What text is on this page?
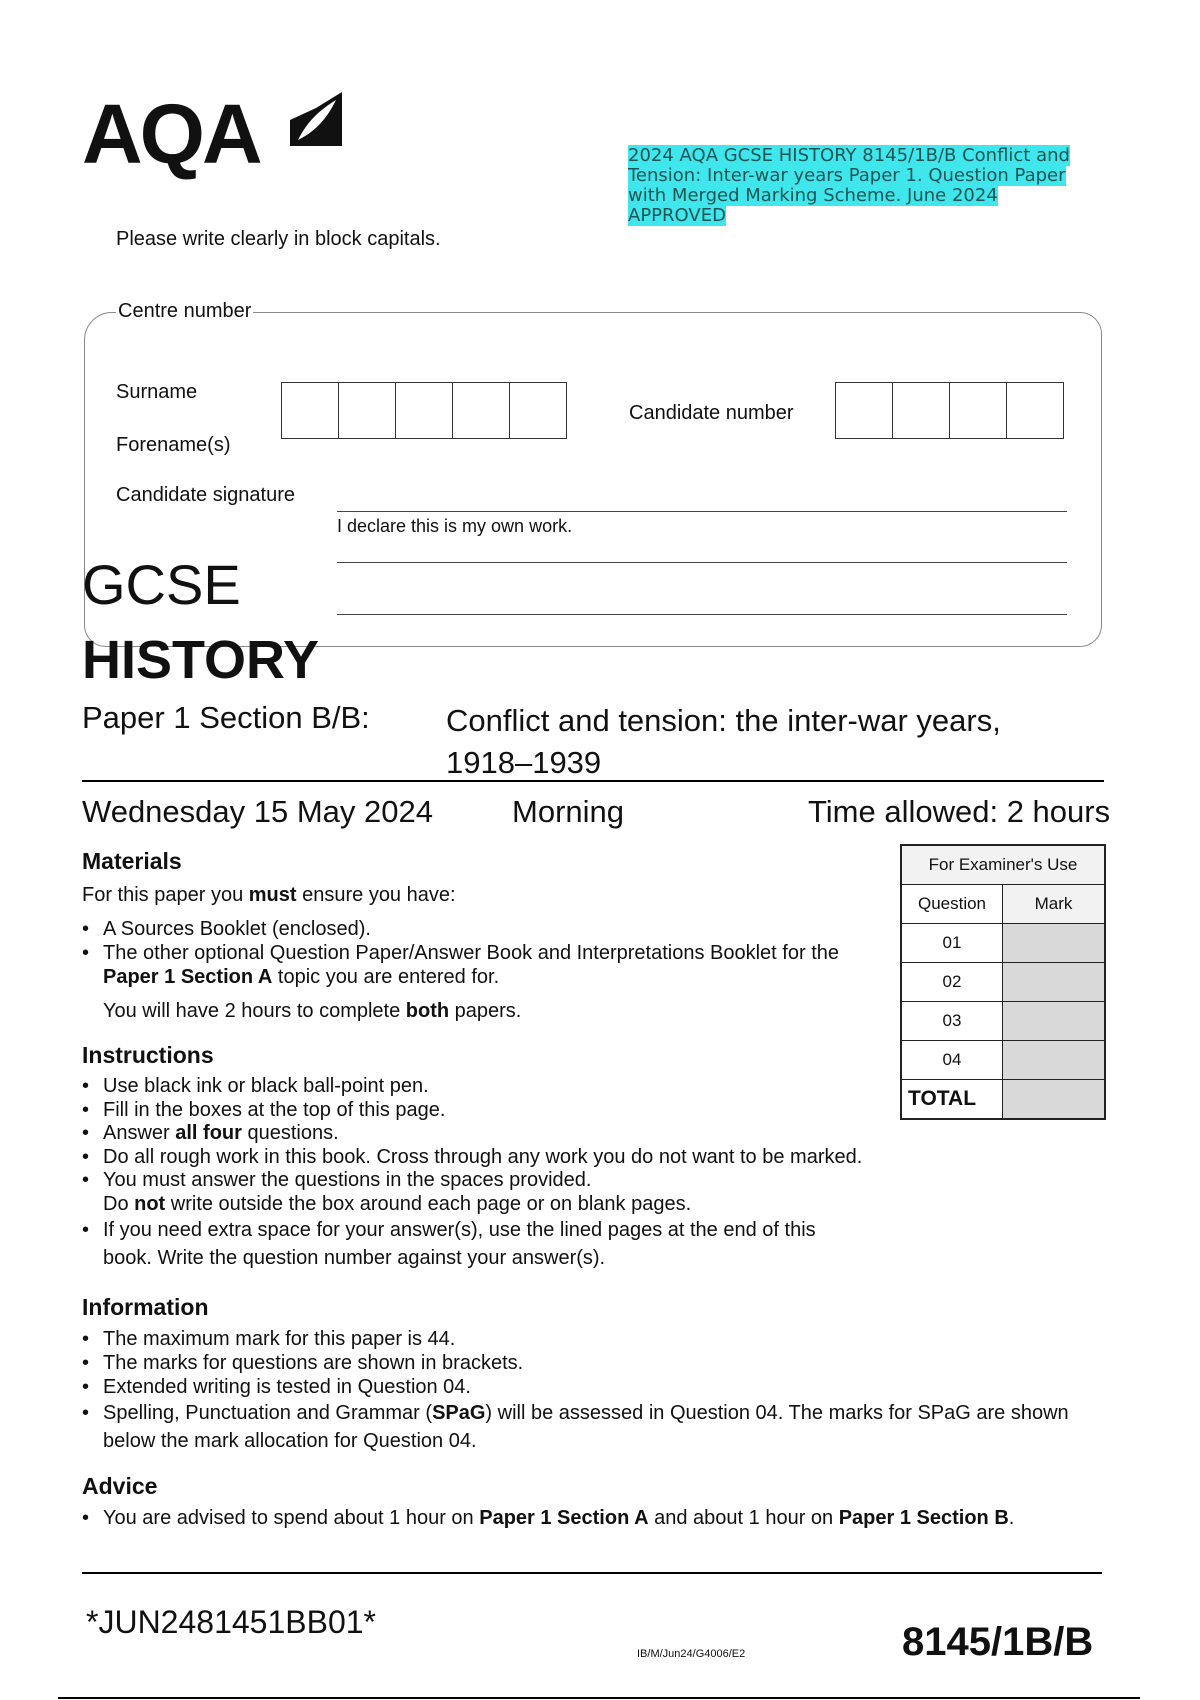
AQA	2024 AQA GCSE HISTORY 8145/1B/B Conflict and Tension: Inter-war years Paper 1. Question Paper with Merged Marking Scheme. June 2024 APPROVED
Please write clearly in block capitals.
Centre number
Surname
Forename(s)
Candidate signature
Candidate number
I declare this is my own work.
GCSE
HISTORY
Paper 1 Section B/B: Conflict and tension: the inter-war years, 1918–1939
Wednesday 15 May 2024	Morning	Time allowed: 2 hours
Materials

For this paper you must ensure you have:

• A Sources Booklet (enclosed).
• The other optional Question Paper/Answer Book and Interpretations Booklet for the Paper 1 Section A topic you are entered for.

You will have 2 hours to complete both papers.

For Examiner's Use
Question	Mark
01
02
03
04
TOTAL
Instructions
• Use black ink or black ball-point pen.
• Fill in the boxes at the top of this page.
• Answer all four questions.
• Do all rough work in this book. Cross through any work you do not want to be marked.
• You must answer the questions in the spaces provided.
Do not write outside the box around each page or on blank pages.
• If you need extra space for your answer(s), use the lined pages at the end of this book. Write the question number against your answer(s).
Information
• The maximum mark for this paper is 44.
• The marks for questions are shown in brackets.
• Extended writing is tested in Question 04.
• Spelling, Punctuation and Grammar (SPaG) will be assessed in Question 04. The marks for SPaG are shown below the mark allocation for Question 04.
Advice
• You are advised to spend about 1 hour on Paper 1 Section A and about 1 hour on Paper 1 Section B.
*JUN2481451BB01*
IB/M/Jun24/G4006/E2	8145/1B/B
